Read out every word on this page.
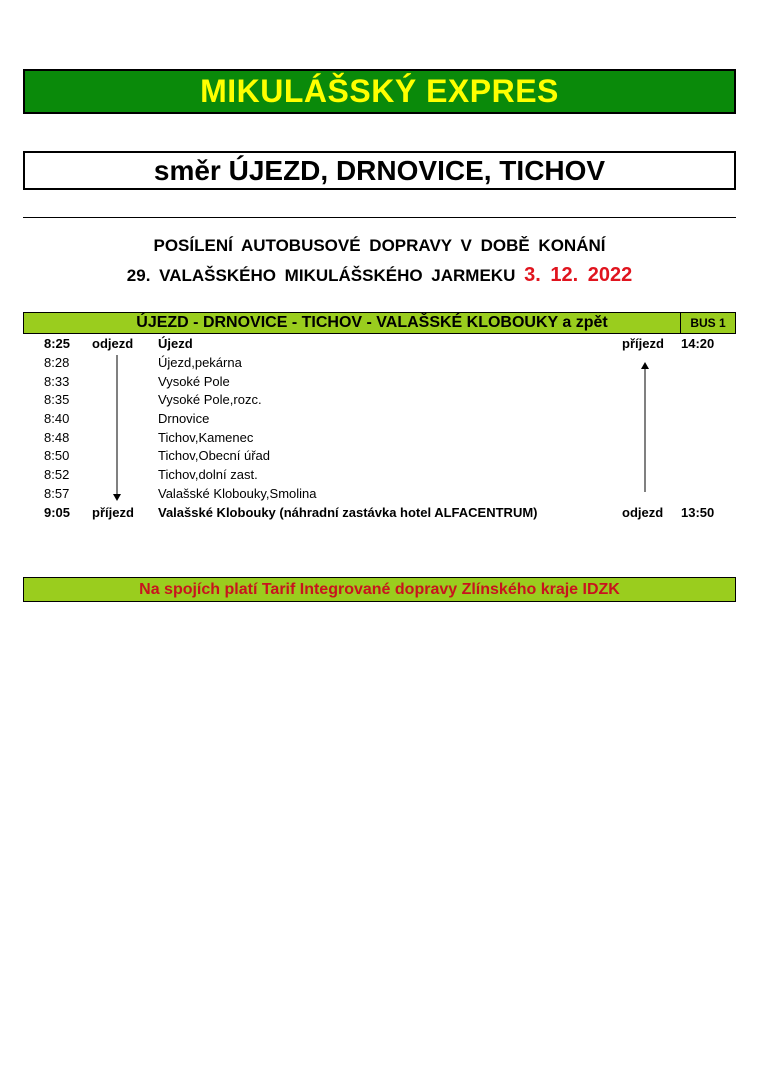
MIKULÁŠSKÝ EXPRES
směr ÚJEZD, DRNOVICE, TICHOV
POSÍLENÍ AUTOBUSOVÉ DOPRAVY V DOBĚ KONÁNÍ
29. VALAŠSKÉHO MIKULÁŠSKÉHO JARMEKU 3. 12. 2022
ÚJEZD - DRNOVICE - TICHOV - VALAŠSKÉ KLOBOUKY a zpět	BUS 1
8:25 odjezd Újezd	příjezd 14:20
8:28	Újezd,pekárna
8:33	Vysoké Pole
8:35	Vysoké Pole,rozc.
8:40	Drnovice
8:48	Tichov,Kamenec
8:50	Tichov,Obecní úřad
8:52	Tichov,dolní zast.
8:57	Valašské Klobouky,Smolina
9:05 příjezd Valašské Klobouky (náhradní zastávka hotel ALFACENTRUM)	odjezd 13:50
Na spojích platí Tarif Integrované dopravy Zlínského kraje IDZK
